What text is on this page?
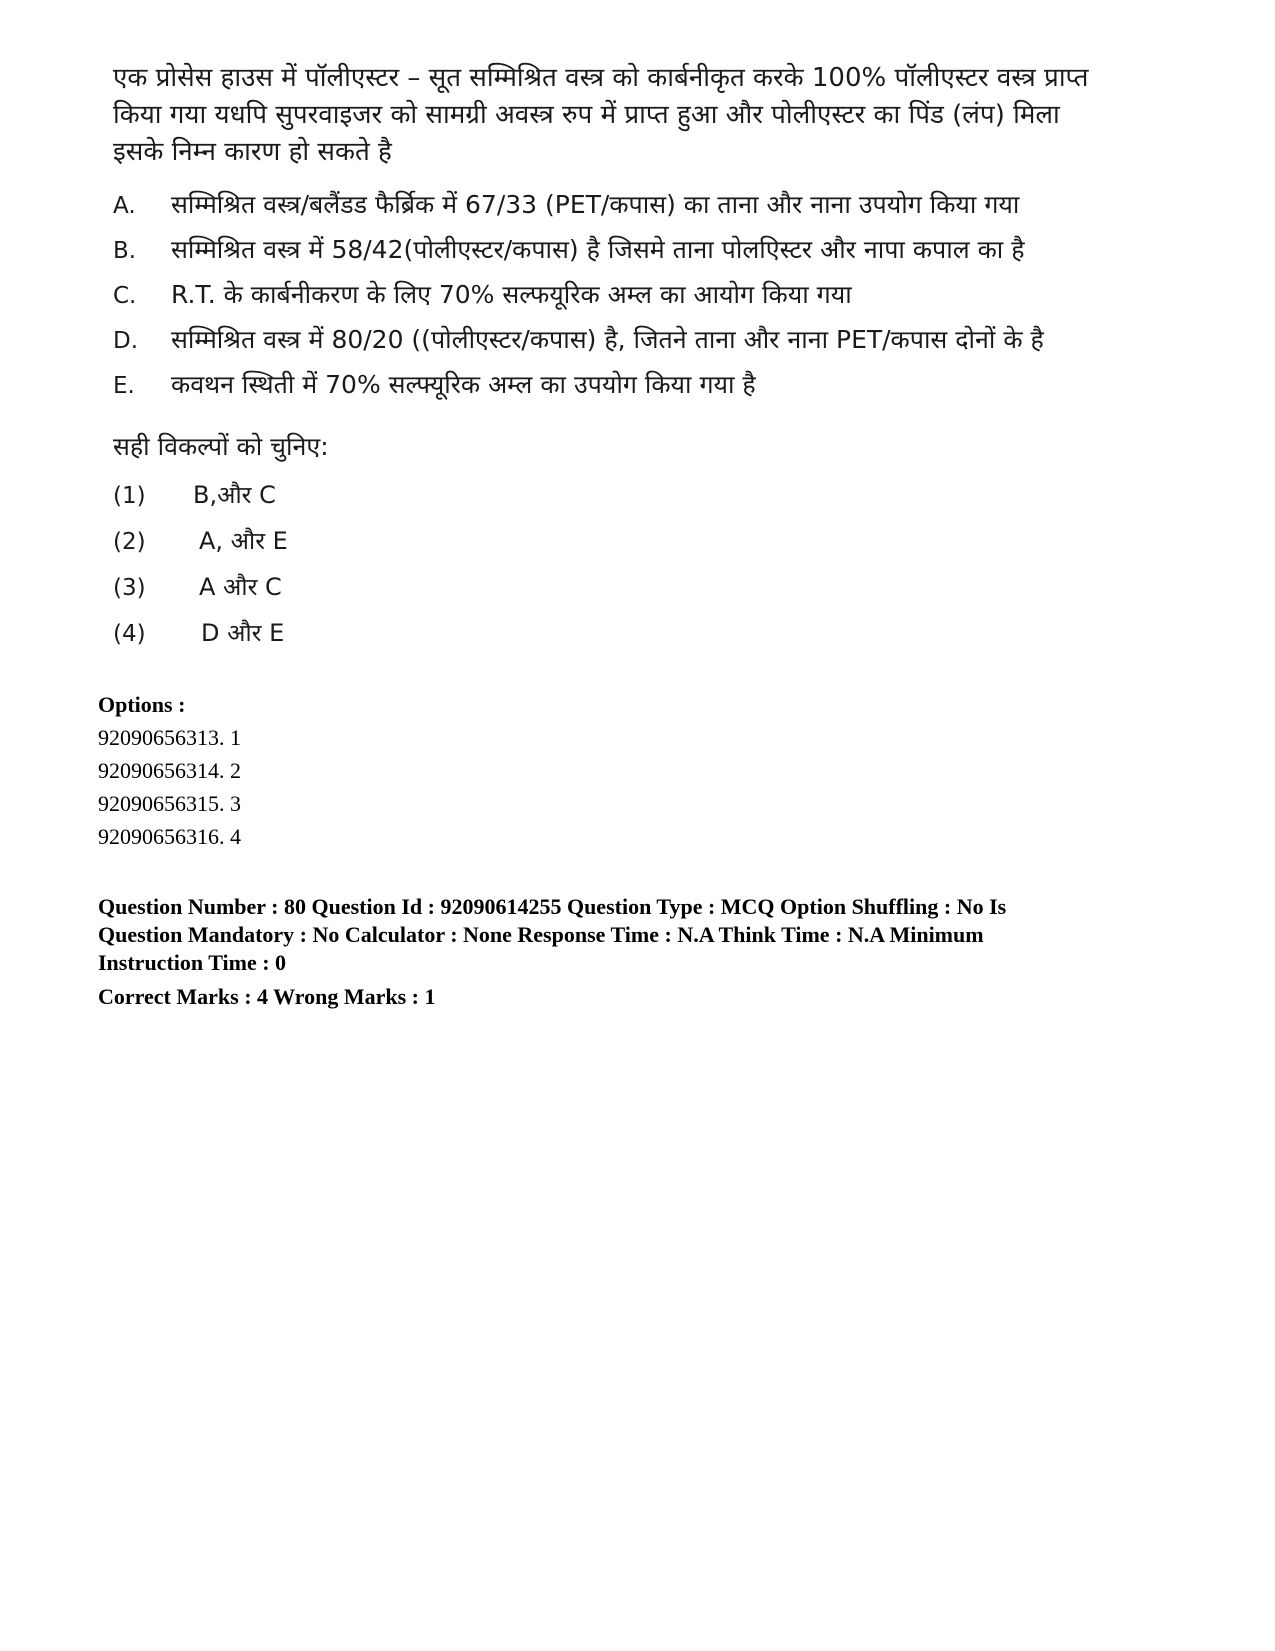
एक प्रोसेस हाउस में पॉलीएस्टर – सूत सम्मिश्रित वस्त्र को कार्बनीकृत करके 100% पॉलीएस्टर वस्त्र प्राप्त किया गया यधपि सुपरवाइजर को सामग्री अवस्त्र रुप में प्राप्त हुआ और पोलीएस्टर का पिंड (लंप) मिला इसके निम्न कारण हो सकते है

A.	सम्मिश्रित वस्त्र/बलैंडड फैर्ब्रिक में 67/33 (PET/कपास) का ताना और नाना उपयोग किया गया
B.	सम्मिश्रित वस्त्र में 58/42(पोलीएस्टर/कपास) है जिसमे ताना पोलएिस्टर और नापा कपाल का है
C.	R.T. के कार्बनीकरण के लिए 70% सल्फयूरिक अम्ल का आयोग किया गया
D.	सम्मिश्रित वस्त्र में 80/20 ((पोलीएस्टर/कपास) है, जितने ताना और नाना PET/कपास दोनों के है
E.	कवथन स्थिती में 70% सल्फ्यूरिक अम्ल का उपयोग किया गया है
सही विकल्पों को चुनिए:
(1)	B,और C
(2)	A, और E
(3)	A और C
(4)	D और E
Options :
92090656313. 1
92090656314. 2
92090656315. 3
92090656316. 4
Question Number : 80 Question Id : 92090614255 Question Type : MCQ Option Shuffling : No Is
Question Mandatory : No Calculator : None Response Time : N.A Think Time : N.A Minimum
Instruction Time : 0
Correct Marks : 4 Wrong Marks : 1
